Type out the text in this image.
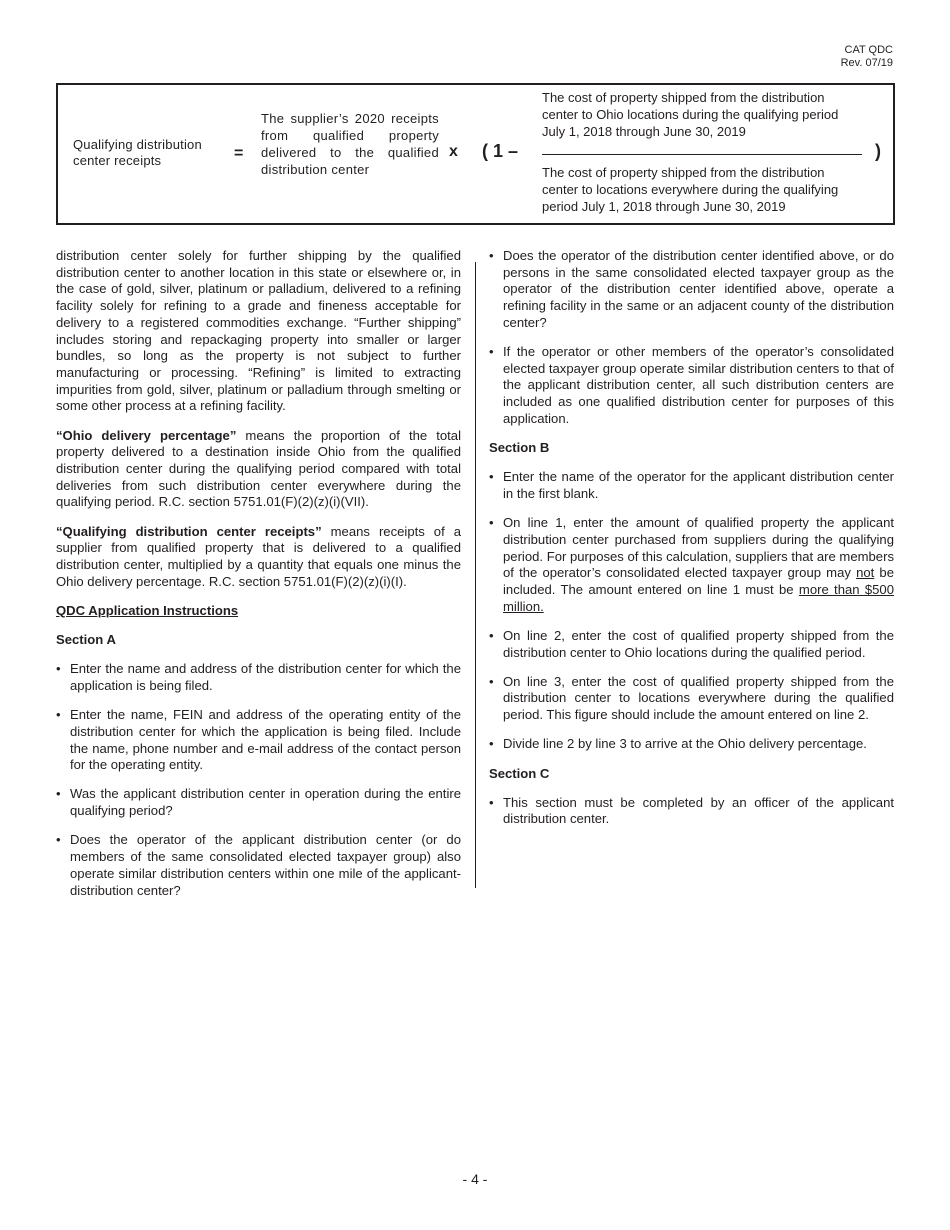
CAT QDC
Rev. 07/19
Qualifying distribution center receipts	=
The supplier’s 2020 receipts from qualified property delivered to the qualified distribution center
x ( 1 –
The cost of property shipped from the distribution center to Ohio locations during the qualifying period July 1, 2018 through June 30, 2019
The cost of property shipped from the distribution center to locations everywhere during the qualifying period July 1, 2018 through June 30, 2019
)

distribution center solely for further shipping by the qualified distribution center to another location in this state or elsewhere or, in the case of gold, silver, platinum or palladium, delivered to a refining facility solely for refining to a grade and fineness acceptable for delivery to a registered commodities exchange. “Further shipping” includes storing and repackaging property into smaller or larger bundles, so long as the property is not subject to further manufacturing or processing. “Refining” is limited to extracting impurities from gold, silver, platinum or palladium through smelting or some other process at a refining facility.

“Ohio delivery percentage” means the proportion of the total property delivered to a destination inside Ohio from the qualified distribution center during the qualifying period compared with total deliveries from such distribution center everywhere during the qualifying period. R.C. section 5751.01(F)(2)(z)(i)(VII).

“Qualifying distribution center receipts” means receipts of a supplier from qualified property that is delivered to a qualified distribution center, multiplied by a quantity that equals one minus the Ohio delivery percentage. R.C. section 5751.01(F)(2)(z)(i)(I).

QDC Application Instructions

Section A

• Enter the name and address of the distribution center for which the application is being filed.
• Enter the name, FEIN and address of the operating entity of the distribution center for which the application is being filed. Include the name, phone number and e-mail address of the contact person for the operating entity.
• Was the applicant distribution center in operation during the entire qualifying period?
• Does the operator of the applicant distribution center (or do members of the same consolidated elected taxpayer group) also operate similar distribution centers within one mile of the applicant-distribution center?
• Does the operator of the distribution center identified above, or do persons in the same consolidated elected taxpayer group as the operator of the distribution center identified above, operate a refining facility in the same or an adjacent county of the distribution center?
• If the operator or other members of the operator’s consolidated elected taxpayer group operate similar distribution centers to that of the applicant distribution center, all such distribution centers are included as one qualified distribution center for purposes of this application.

Section B

• Enter the name of the operator for the applicant distribution center in the first blank.
• On line 1, enter the amount of qualified property the applicant distribution center purchased from suppliers during the qualifying period. For purposes of this calculation, suppliers that are members of the operator’s consolidated elected taxpayer group may not be included. The amount entered on line 1 must be more than $500 million.
• On line 2, enter the cost of qualified property shipped from the distribution center to Ohio locations during the qualified period.
• On line 3, enter the cost of qualified property shipped from the distribution center to locations everywhere during the qualified period. This figure should include the amount entered on line 2.
• Divide line 2 by line 3 to arrive at the Ohio delivery percentage.

Section C

• This section must be completed by an officer of the applicant distribution center.
- 4 -
